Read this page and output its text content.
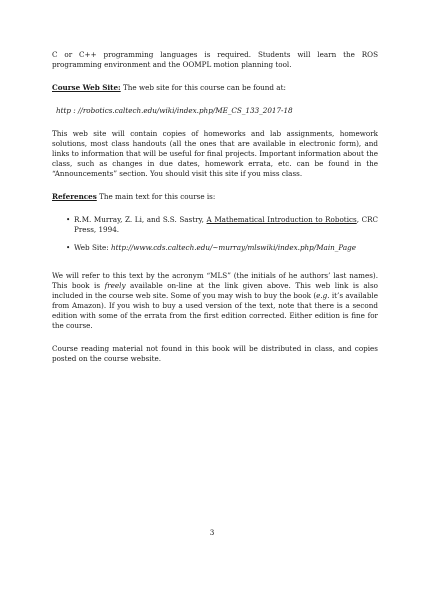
C or C++ programming languages is required. Students will learn the ROS programming environment and the OOMPL motion planning tool.

Course Web Site: The web site for this course can be found at:

http : //robotics.caltech.edu/wiki/index.php/ME_CS_133_2017-18

This web site will contain copies of homeworks and lab assignments, homework solutions, most class handouts (all the ones that are available in electronic form), and links to information that will be useful for final projects. Important information about the class, such as changes in due dates, homework errata, etc. can be found in the “Announcements” section. You should visit this site if you miss class.

References The main text for this course is:

• R.M. Murray, Z. Li, and S.S. Sastry, A Mathematical Introduction to Robotics, CRC Press, 1994.
• Web Site: http://www.cds.caltech.edu/~murray/mlswiki/index.php/Main_Page

We will refer to this text by the acronym “MLS” (the initials of he authors’ last names). This book is freely available on-line at the link given above. This web link is also included in the course web site. Some of you may wish to buy the book (e.g. it’s available from Amazon). If you wish to buy a used version of the text, note that there is a second edition with some of the errata from the first edition corrected. Either edition is fine for the course.

Course reading material not found in this book will be distributed in class, and copies posted on the course website.

3
